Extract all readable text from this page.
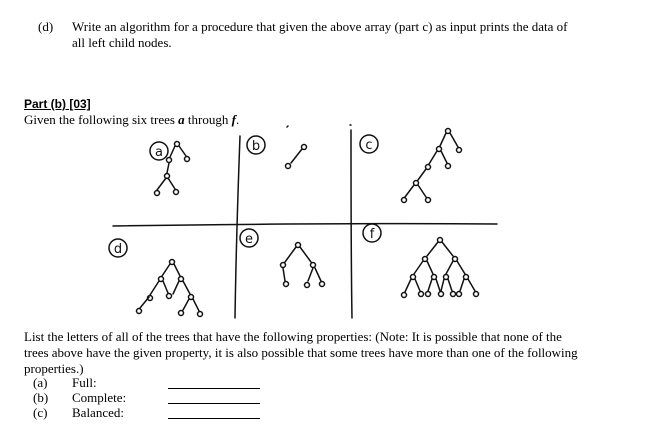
(d) Write an algorithm for a procedure that given the above array (part c) as input prints the data of
all left child nodes.
Part (b) [03]
Given the following six trees a through f.
a	b	c
d
e	f
List the letters of all of the trees that have the following properties: (Note: It is possible that none of the
trees above have the given property, it is also possible that some trees have more than one of the following
properties.)
(a) Full:
(b) Complete:
(c) Balanced:
